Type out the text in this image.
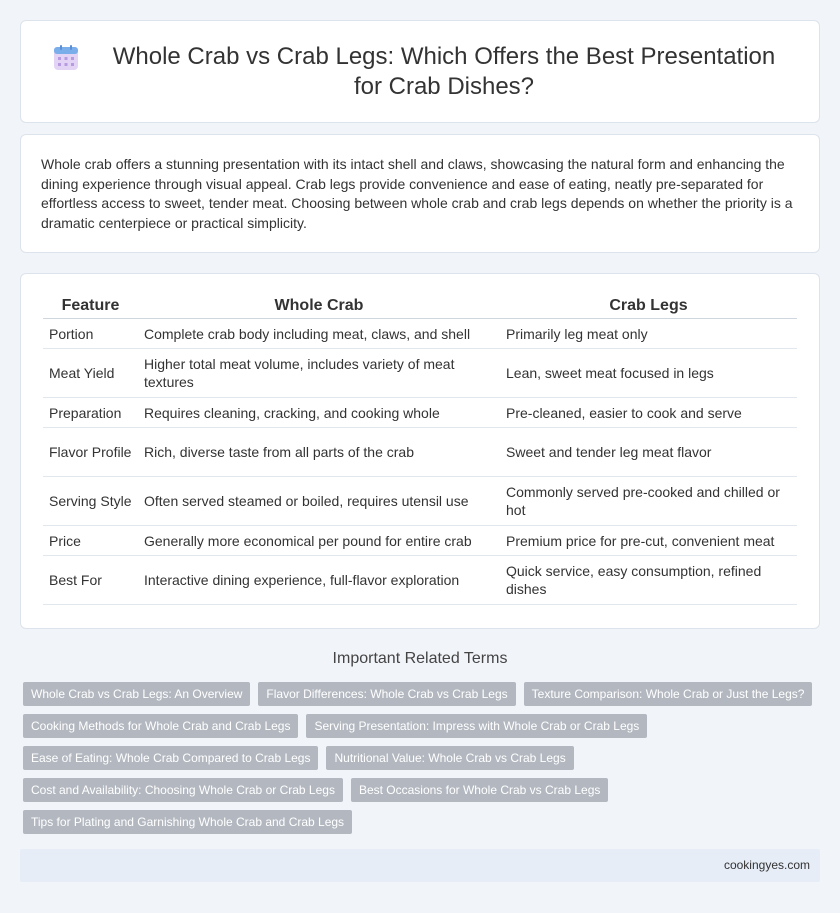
Whole Crab vs Crab Legs: Which Offers the Best Presentation for Crab Dishes?

Whole crab offers a stunning presentation with its intact shell and claws, showcasing the natural form and enhancing the dining experience through visual appeal. Crab legs provide convenience and ease of eating, neatly pre-separated for effortless access to sweet, tender meat. Choosing between whole crab and crab legs depends on whether the priority is a dramatic centerpiece or practical simplicity.

Feature	Whole Crab	Crab Legs
Portion	Complete crab body including meat, claws, and shell	Primarily leg meat only
Meat Yield	Higher total meat volume, includes variety of meat textures	Lean, sweet meat focused in legs
Preparation	Requires cleaning, cracking, and cooking whole	Pre-cleaned, easier to cook and serve
Flavor Profile	Rich, diverse taste from all parts of the crab	Sweet and tender leg meat flavor
Serving Style	Often served steamed or boiled, requires utensil use	Commonly served pre-cooked and chilled or hot
Price	Generally more economical per pound for entire crab	Premium price for pre-cut, convenient meat
Best For	Interactive dining experience, full-flavor exploration	Quick service, easy consumption, refined dishes
Important Related Terms
Whole Crab vs Crab Legs: An Overview	Flavor Differences: Whole Crab vs Crab Legs	Texture Comparison: Whole Crab or Just the Legs?
Cooking Methods for Whole Crab and Crab Legs	Serving Presentation: Impress with Whole Crab or Crab Legs
Ease of Eating: Whole Crab Compared to Crab Legs	Nutritional Value: Whole Crab vs Crab Legs
Cost and Availability: Choosing Whole Crab or Crab Legs	Best Occasions for Whole Crab vs Crab Legs
Tips for Plating and Garnishing Whole Crab and Crab Legs
cookingyes.com
